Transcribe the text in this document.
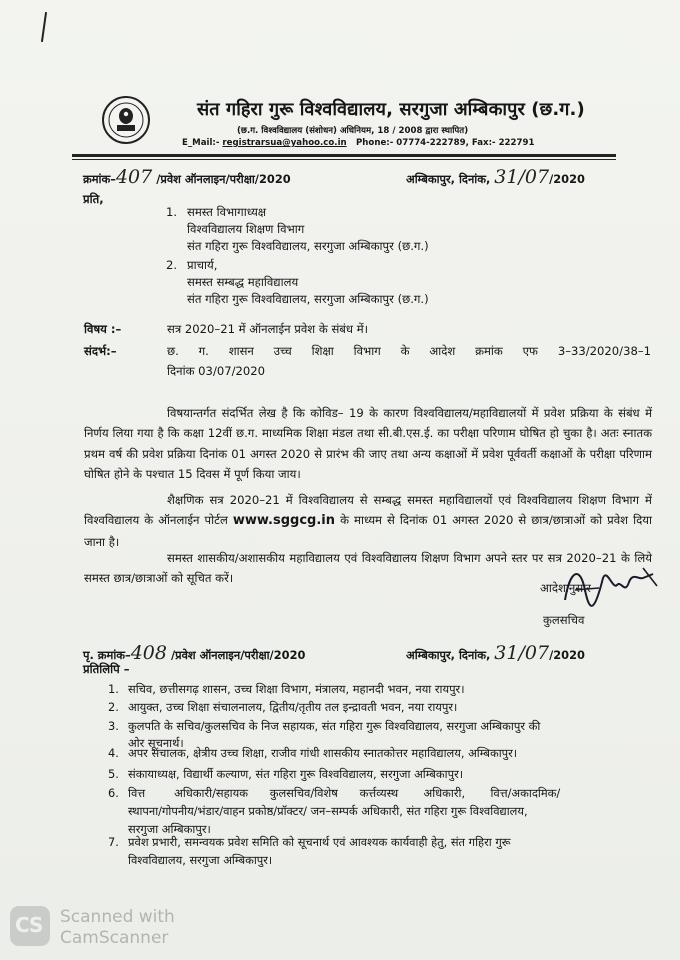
संत गहिरा गुरू विश्वविद्यालय, सरगुजा अम्बिकापुर (छ.ग.)
(छ.ग. विश्वविद्यालय (संशोधन) अधिनियम, 18 / 2008 द्वारा स्थापित)
E_Mail:- registrarsua@yahoo.co.in Phone:- 07774-222789, Fax:- 222791
क्रमांक–407 /प्रवेश ऑनलाइन/परीक्षा/2020	अम्बिकापुर, दिनांक, 31/07/2020
प्रति,
1. समस्त विभागाध्यक्ष
विश्वविद्यालय शिक्षण विभाग
संत गहिरा गुरू विश्वविद्यालय, सरगुजा अम्बिकापुर (छ.ग.)
2. प्राचार्य,
समस्त सम्बद्ध महाविद्यालय
संत गहिरा गुरू विश्वविद्यालय, सरगुजा अम्बिकापुर (छ.ग.)
विषय :–	सत्र 2020–21 में ऑनलाईन प्रवेश के संबंध में।
संदर्भ:–	छ. ग. शासन उच्च शिक्षा विभाग के आदेश क्रमांक एफ 3–33/2020/38–1
दिनांक 03/07/2020
विषयान्तर्गत संदर्भित लेख है कि कोविड– 19 के कारण विश्वविद्यालय/महाविद्यालयों में प्रवेश प्रक्रिया के संबंध में निर्णय लिया गया है कि कक्षा 12वीं छ.ग. माध्यमिक शिक्षा मंडल तथा सी.बी.एस.ई. का परीक्षा परिणाम घोषित हो चुका है। अतः स्नातक प्रथम वर्ष की प्रवेश प्रक्रिया दिनांक 01 अगस्त 2020 से प्रारंभ की जाए तथा अन्य कक्षाओं में प्रवेश पूर्ववर्ती कक्षाओं के परीक्षा परिणाम घोषित होने के पश्चात 15 दिवस में पूर्ण किया जाय।
शैक्षणिक सत्र 2020–21 में विश्वविद्यालय से सम्बद्ध समस्त महाविद्यालयों एवं विश्वविद्यालय शिक्षण विभाग में विश्वविद्यालय के ऑनलाईन पोर्टल www.sggcg.in के माध्यम से दिनांक 01 अगस्त 2020 से छात्र/छात्राओं को प्रवेश दिया जाना है।
समस्त शासकीय/अशासकीय महाविद्यालय एवं विश्वविद्यालय शिक्षण विभाग अपने स्तर पर सत्र 2020–21 के लिये समस्त छात्र/छात्राओं को सूचित करें।
आदेशानुसार
कुलसचिव
पृ. क्रमांक–408 /प्रवेश ऑनलाइन/परीक्षा/2020	अम्बिकापुर, दिनांक, 31/07/2020
प्रतिलिपि –
1. सचिव, छत्तीसगढ़ शासन, उच्च शिक्षा विभाग, मंत्रालय, महानदी भवन, नया रायपुर।
2. आयुक्त, उच्च शिक्षा संचालनालय, द्वितीय/तृतीय तल इन्द्रावती भवन, नया रायपुर।
3. कुलपति के सचिव/कुलसचिव के निज सहायक, संत गहिरा गुरू विश्वविद्यालय, सरगुजा अम्बिकापुर की
ओर सूचनार्थ।
4. अपर संचालक, क्षेत्रीय उच्च शिक्षा, राजीव गांधी शासकीय स्नातकोत्तर महाविद्यालय, अम्बिकापुर।
5. संकायाध्यक्ष, विद्यार्थी कल्याण, संत गहिरा गुरू विश्वविद्यालय, सरगुजा अम्बिकापुर।
6. वित्त        अधिकारी/सहायक      कुलसचिव/विशेष      कर्त्तव्यस्थ       अधिकारी,       वित्त/अकादमिक/
स्थापना/गोपनीय/भंडार/वाहन प्रकोष्ठ/प्रॉक्टर/ जन–सम्पर्क अधिकारी, संत गहिरा गुरू विश्वविद्यालय,
सरगुजा अम्बिकापुर।
7. प्रवेश प्रभारी, समन्वयक प्रवेश समिति को सूचनार्थ एवं आवश्यक कार्यवाही हेतु, संत गहिरा गुरू
विश्वविद्यालय, सरगुजा अम्बिकापुर।
CS Scanned with
CamScanner
